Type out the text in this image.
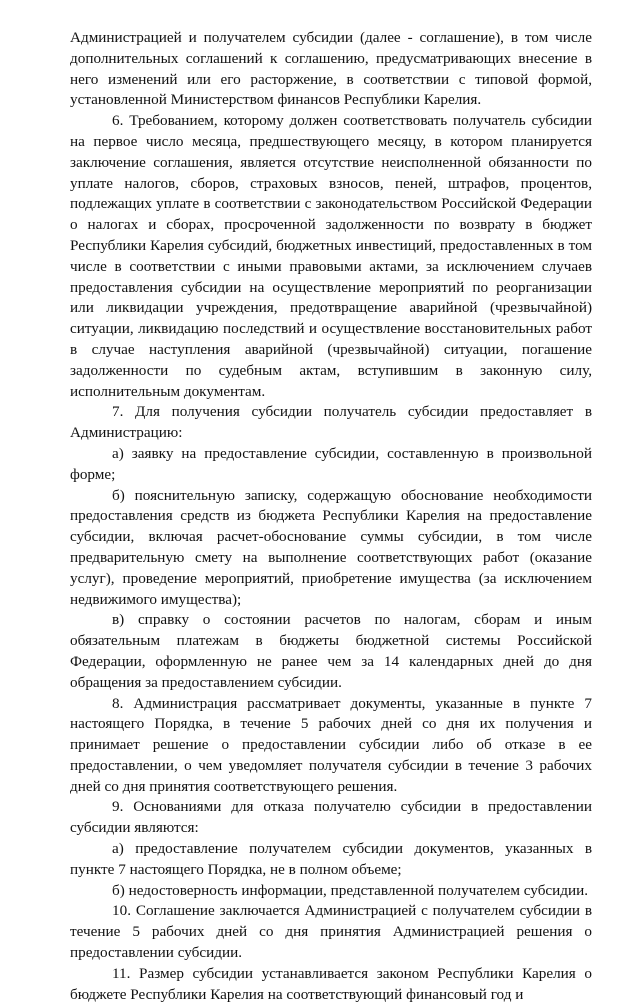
Администрацией и получателем субсидии (далее - соглашение), в том числе дополнительных соглашений к соглашению, предусматривающих внесение в него изменений или его расторжение, в соответствии с типовой формой, установленной Министерством финансов Республики Карелия.

6. Требованием, которому должен соответствовать получатель субсидии на первое число месяца, предшествующего месяцу, в котором планируется заключение соглашения, является отсутствие неисполненной обязанности по уплате налогов, сборов, страховых взносов, пеней, штрафов, процентов, подлежащих уплате в соответствии с законодательством Российской Федерации о налогах и сборах, просроченной задолженности по возврату в бюджет Республики Карелия субсидий, бюджетных инвестиций, предоставленных в том числе в соответствии с иными правовыми актами, за исключением случаев предоставления субсидии на осуществление мероприятий по реорганизации или ликвидации учреждения, предотвращение аварийной (чрезвычайной) ситуации, ликвидацию последствий и осуществление восстановительных работ в случае наступления аварийной (чрезвычайной) ситуации, погашение задолженности по судебным актам, вступившим в законную силу, исполнительным документам.

7. Для получения субсидии получатель субсидии предоставляет в Администрацию:

а) заявку на предоставление субсидии, составленную в произвольной форме;

б) пояснительную записку, содержащую обоснование необходимости предоставления средств из бюджета Республики Карелия на предоставление субсидии, включая расчет-обоснование суммы субсидии, в том числе предварительную смету на выполнение соответствующих работ (оказание услуг), проведение мероприятий, приобретение имущества (за исключением недвижимого имущества);

в) справку о состоянии расчетов по налогам, сборам и иным обязательным платежам в бюджеты бюджетной системы Российской Федерации, оформленную не ранее чем за 14 календарных дней до дня обращения за предоставлением субсидии.

8. Администрация рассматривает документы, указанные в пункте 7 настоящего Порядка, в течение 5 рабочих дней со дня их получения и принимает решение о предоставлении субсидии либо об отказе в ее предоставлении, о чем уведомляет получателя субсидии в течение 3 рабочих дней со дня принятия соответствующего решения.

9. Основаниями для отказа получателю субсидии в предоставлении субсидии являются:

а) предоставление получателем субсидии документов, указанных в пункте 7 настоящего Порядка, не в полном объеме;

б) недостоверность информации, представленной получателем субсидии.

10. Соглашение заключается Администрацией с получателем субсидии в течение 5 рабочих дней со дня принятия Администрацией решения о предоставлении субсидии.

11. Размер субсидии устанавливается законом Республики Карелия о бюджете Республики Карелия на соответствующий финансовый год и
